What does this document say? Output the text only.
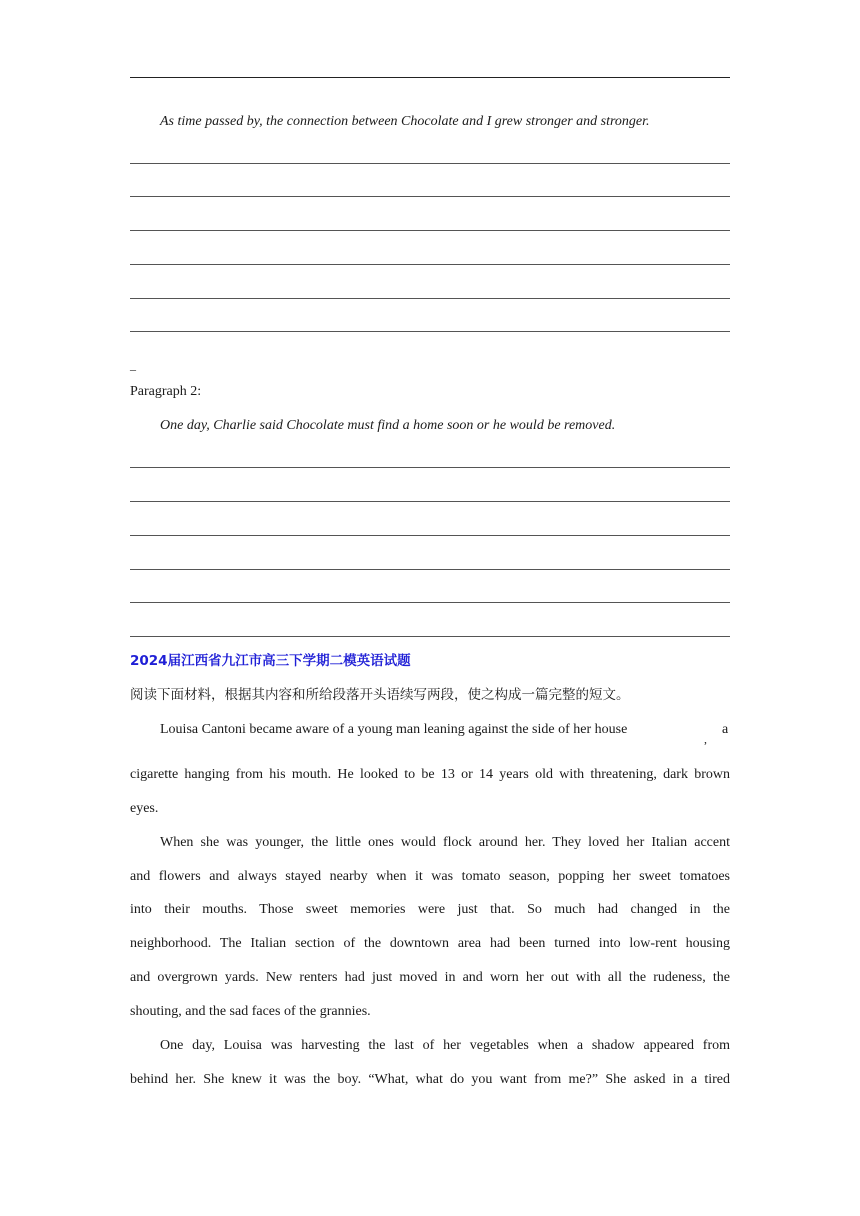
As time passed by, the connection between Chocolate and I grew stronger and stronger.
_
Paragraph 2:
One day, Charlie said Chocolate must find a home soon or he would be removed.
2024届江西省九江市高三下学期二模英语试题
阅读下面材料，根据其内容和所给段落开头语续写两段，使之构成一篇完整的短文。
Louisa Cantoni became aware of a young man leaning against the side of her house
,
a
cigarette hanging from his mouth. He looked to be 13 or 14 years old with threatening, dark brown
eyes.
When she was younger, the little ones would flock around her. They loved her Italian accent
and flowers and always stayed nearby when it was tomato season, popping her sweet tomatoes
into their mouths. Those sweet memories were just that. So much had changed in the
neighborhood. The Italian section of the downtown area had been turned into low-rent housing
and overgrown yards. New renters had just moved in and worn her out with all the rudeness, the
shouting, and the sad faces of the grannies.
One day, Louisa was harvesting the last of her vegetables when a shadow appeared from
behind her. She knew it was the boy. “What, what do you want from me?” She asked in a tired
